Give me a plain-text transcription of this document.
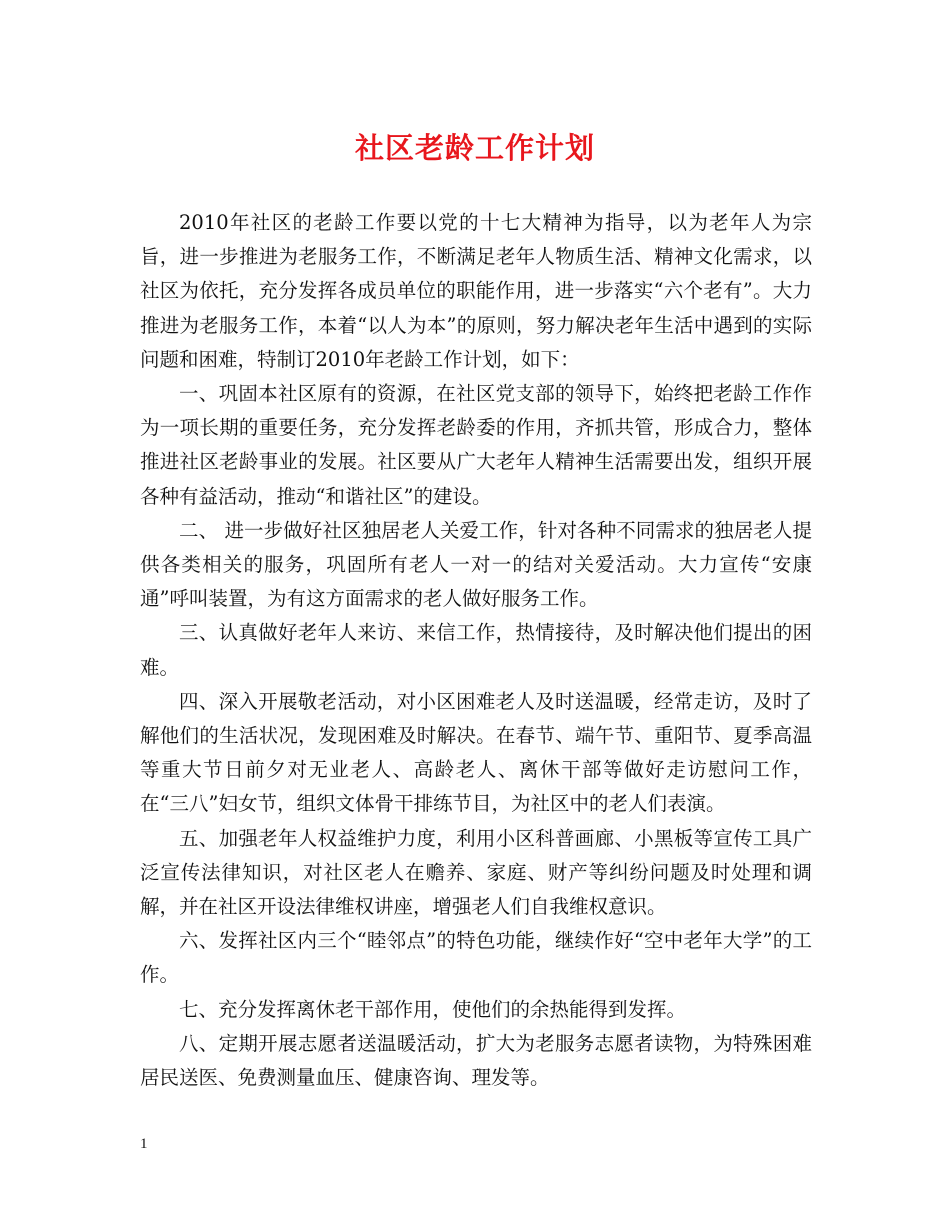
社区老龄工作计划

2010年社区的老龄工作要以党的十七大精神为指导，以为老年人为宗旨，进一步推进为老服务工作，不断满足老年人物质生活、精神文化需求，以社区为依托，充分发挥各成员单位的职能作用，进一步落实“六个老有”。大力推进为老服务工作，本着“以人为本”的原则，努力解决老年生活中遇到的实际问题和困难，特制订2010年老龄工作计划，如下：

一、巩固本社区原有的资源，在社区党支部的领导下，始终把老龄工作作为一项长期的重要任务，充分发挥老龄委的作用，齐抓共管，形成合力，整体推进社区老龄事业的发展。社区要从广大老年人精神生活需要出发，组织开展各种有益活动，推动“和谐社区”的建设。

二、 进一步做好社区独居老人关爱工作，针对各种不同需求的独居老人提供各类相关的服务，巩固所有老人一对一的结对关爱活动。大力宣传“安康通”呼叫装置，为有这方面需求的老人做好服务工作。

三、认真做好老年人来访、来信工作，热情接待，及时解决他们提出的困难。

四、深入开展敬老活动，对小区困难老人及时送温暖，经常走访，及时了解他们的生活状况，发现困难及时解决。在春节、端午节、重阳节、夏季高温等重大节日前夕对无业老人、高龄老人、离休干部等做好走访慰问工作，在“三八”妇女节，组织文体骨干排练节目，为社区中的老人们表演。

五、加强老年人权益维护力度，利用小区科普画廊、小黑板等宣传工具广泛宣传法律知识，对社区老人在赡养、家庭、财产等纠纷问题及时处理和调解，并在社区开设法律维权讲座，增强老人们自我维权意识。

六、发挥社区内三个“睦邻点”的特色功能，继续作好“空中老年大学”的工作。

七、充分发挥离休老干部作用，使他们的余热能得到发挥。

八、定期开展志愿者送温暖活动，扩大为老服务志愿者读物，为特殊困难居民送医、免费测量血压、健康咨询、理发等。

1
